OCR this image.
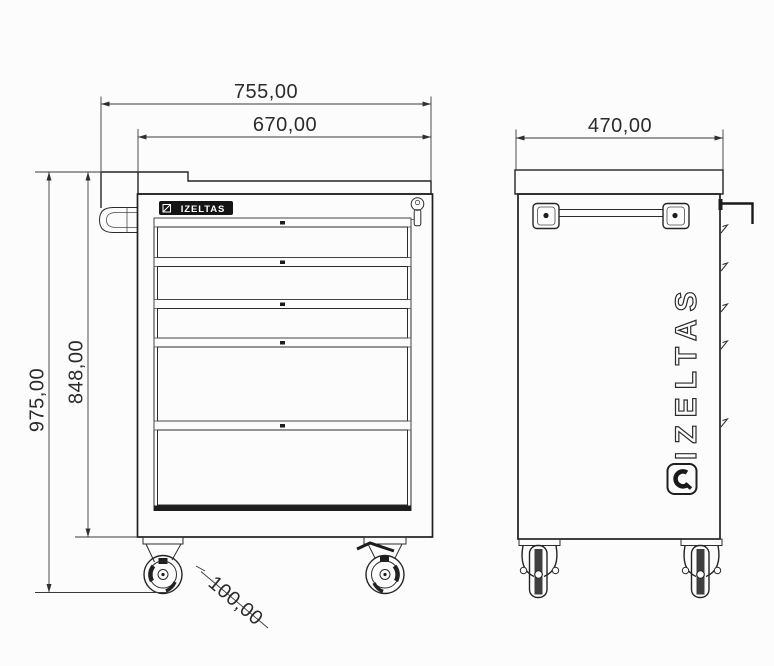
IZELTAS
IZELTAS
755,00
670,00
975,00 848,00
470,00
100,00
